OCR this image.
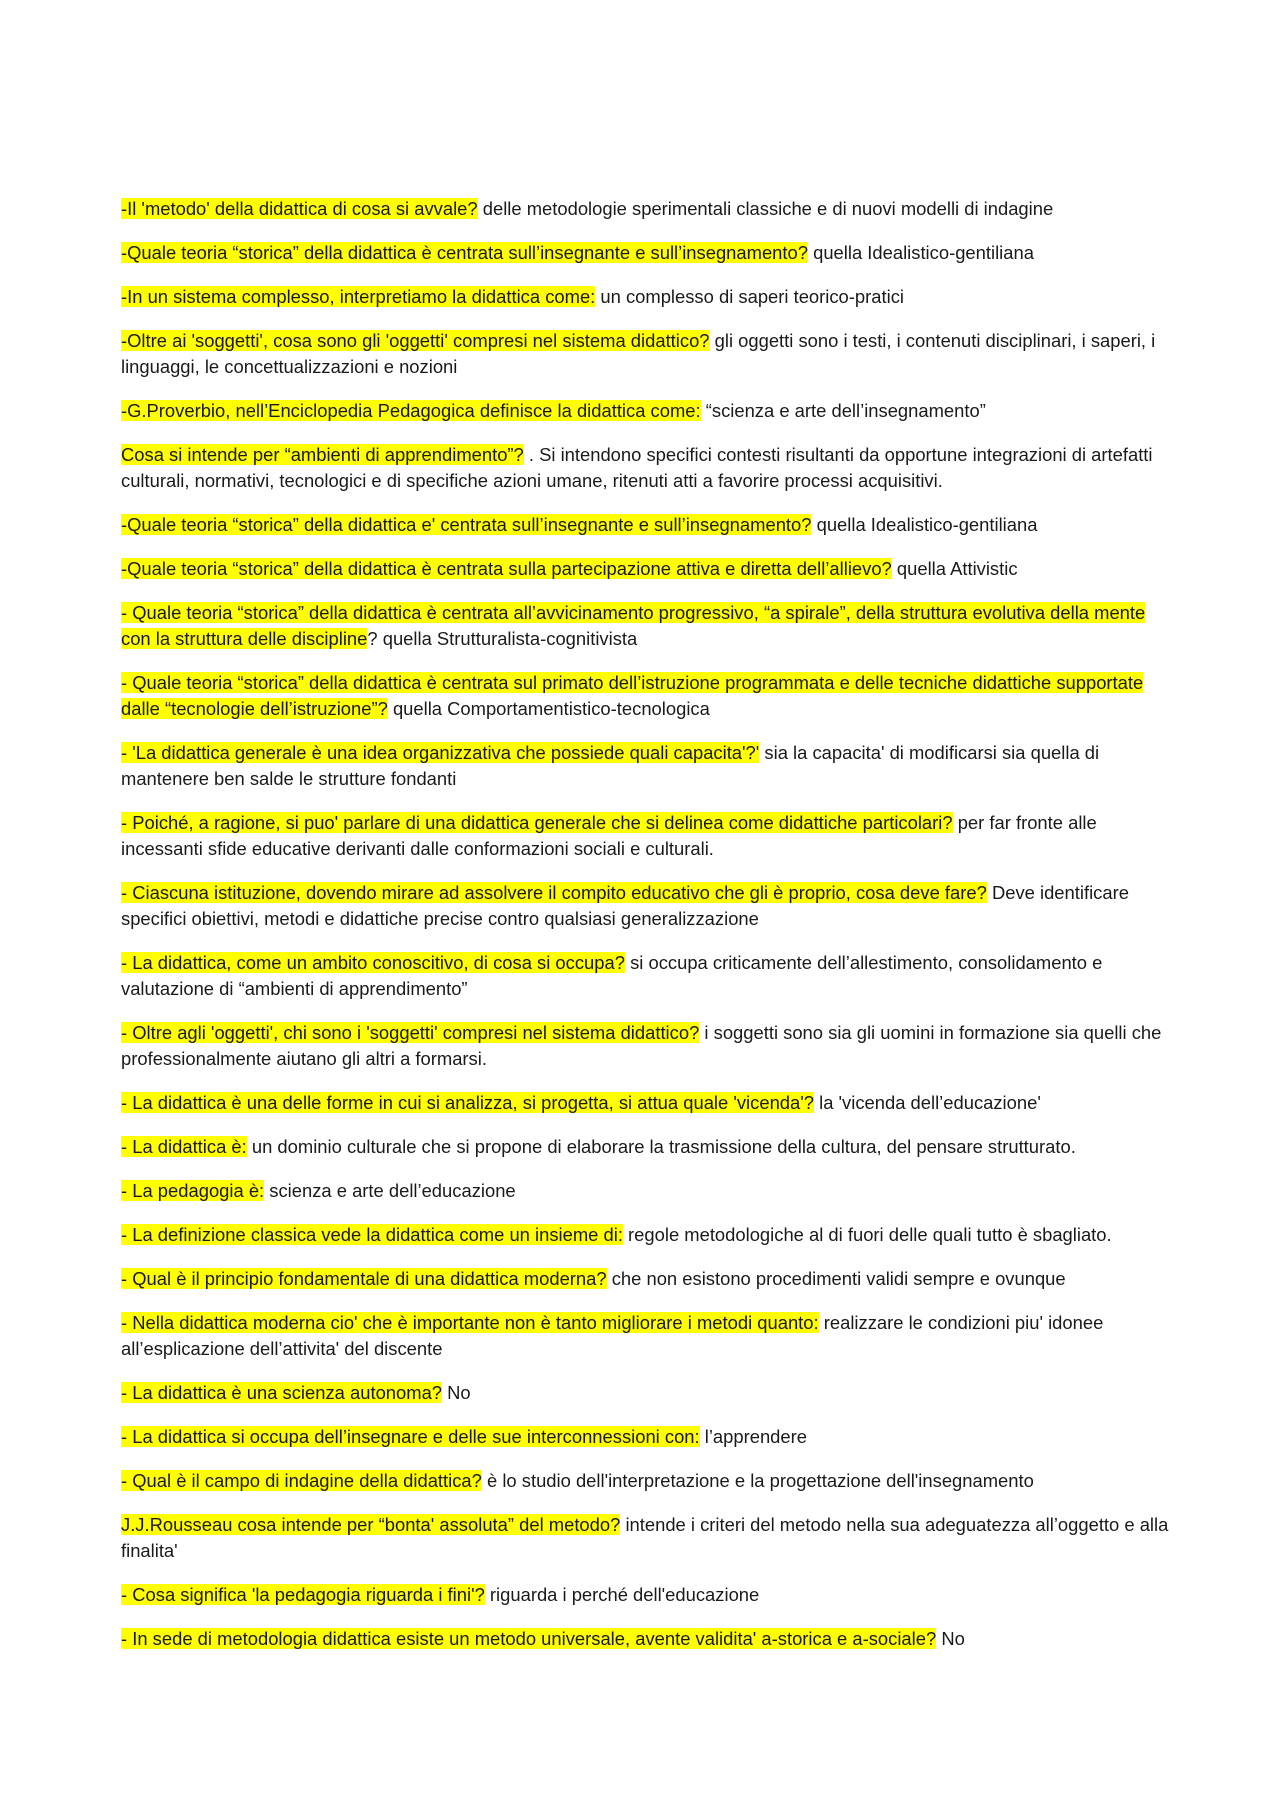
-Il 'metodo' della didattica di cosa si avvale? delle metodologie sperimentali classiche e di nuovi modelli di indagine

-Quale teoria “storica” della didattica è centrata sull’insegnante e sull’insegnamento? quella Idealistico-gentiliana

-In un sistema complesso, interpretiamo la didattica come: un complesso di saperi teorico-pratici

-Oltre ai 'soggetti', cosa sono gli 'oggetti' compresi nel sistema didattico? gli oggetti sono i testi, i contenuti disciplinari, i saperi, i linguaggi, le concettualizzazioni e nozioni

-G.Proverbio, nell’Enciclopedia Pedagogica definisce la didattica come: “scienza e arte dell’insegnamento”

Cosa si intende per “ambienti di apprendimento”? . Si intendono specifici contesti risultanti da opportune integrazioni di artefatti culturali, normativi, tecnologici e di specifiche azioni umane, ritenuti atti a favorire processi acquisitivi.

-Quale teoria “storica” della didattica e' centrata sull’insegnante e sull’insegnamento? quella Idealistico-gentiliana

-Quale teoria “storica” della didattica è centrata sulla partecipazione attiva e diretta dell’allievo? quella Attivistic

- Quale teoria “storica” della didattica è centrata all’avvicinamento progressivo, “a spirale”, della struttura evolutiva della mente con la struttura delle discipline? quella Strutturalista-cognitivista

- Quale teoria “storica” della didattica è centrata sul primato dell’istruzione programmata e delle tecniche didattiche supportate dalle “tecnologie dell’istruzione”? quella Comportamentistico-tecnologica

- 'La didattica generale è una idea organizzativa che possiede quali capacita'?' sia la capacita' di modificarsi sia quella di mantenere ben salde le strutture fondanti

- Poiché, a ragione, si puo' parlare di una didattica generale che si delinea come didattiche particolari? per far fronte alle incessanti sfide educative derivanti dalle conformazioni sociali e culturali.

- Ciascuna istituzione, dovendo mirare ad assolvere il compito educativo che gli è proprio, cosa deve fare? Deve identificare specifici obiettivi, metodi e didattiche precise contro qualsiasi generalizzazione

- La didattica, come un ambito conoscitivo, di cosa si occupa? si occupa criticamente dell’allestimento, consolidamento e valutazione di “ambienti di apprendimento”

- Oltre agli 'oggetti', chi sono i 'soggetti' compresi nel sistema didattico? i soggetti sono sia gli uomini in formazione sia quelli che professionalmente aiutano gli altri a formarsi.

- La didattica è una delle forme in cui si analizza, si progetta, si attua quale 'vicenda'? la 'vicenda dell’educazione'

- La didattica è: un dominio culturale che si propone di elaborare la trasmissione della cultura, del pensare strutturato.

- La pedagogia è: scienza e arte dell’educazione

- La definizione classica vede la didattica come un insieme di: regole metodologiche al di fuori delle quali tutto è sbagliato.

- Qual è il principio fondamentale di una didattica moderna? che non esistono procedimenti validi sempre e ovunque

- Nella didattica moderna cio' che è importante non è tanto migliorare i metodi quanto: realizzare le condizioni piu' idonee all’esplicazione dell’attivita' del discente

- La didattica è una scienza autonoma? No

- La didattica si occupa dell’insegnare e delle sue interconnessioni con: l’apprendere

- Qual è il campo di indagine della didattica? è lo studio dell'interpretazione e la progettazione dell'insegnamento

J.J.Rousseau cosa intende per “bonta' assoluta” del metodo? intende i criteri del metodo nella sua adeguatezza all’oggetto e alla finalita'

- Cosa significa 'la pedagogia riguarda i fini'? riguarda i perché dell'educazione

- In sede di metodologia didattica esiste un metodo universale, avente validita' a-storica e a-sociale? No
